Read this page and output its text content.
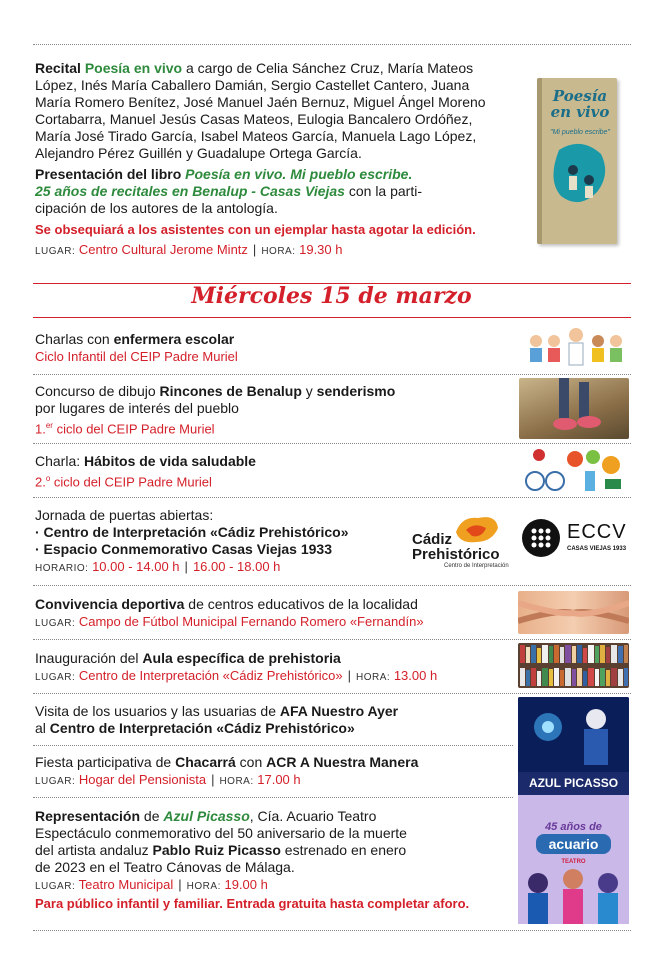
Recital Poesía en vivo a cargo de Celia Sánchez Cruz, María Mateos
López, Inés María Caballero Damián, Sergio Castellet Cantero, Juana
María Romero Benítez, José Manuel Jaén Bernuz, Miguel Ángel Moreno
Cortabarra, Manuel Jesús Casas Mateos, Eulogia Bancalero Ordóñez,
María José Tirado García, Isabel Mateos García, Manuela Lago López,
Alejandro Pérez Guillén y Guadalupe Ortega García.
Presentación del libro Poesía en vivo. Mi pueblo escribe.
25 años de recitales en Benalup - Casas Viejas con la parti-
cipación de los autores de la antología.
Se obsequiará a los asistentes con un ejemplar hasta agotar la edición.
LUGAR: Centro Cultural Jerome Mintz | HORA: 19.30 h
Poesía
en vivo
"Mi pueblo escribe"
Miércoles 15 de marzo
Charlas con enfermera escolar
Ciclo Infantil del CEIP Padre Muriel
Concurso de dibujo Rincones de Benalup y senderismo
por lugares de interés del pueblo
1.$^{er}$ ciclo del CEIP Padre Muriel
Charla: Hábitos de vida saludable
2.$^o$ ciclo del CEIP Padre Muriel
Jornada de puertas abiertas:
· Centro de Interpretación «Cádiz Prehistórico»
· Espacio Conmemorativo Casas Viejas 1933
HORARIO: 10.00 - 14.00 h | 16.00 - 18.00 h
Cádiz
Prehistórico
Centro de Interpretación
ECCV
CASAS VIEJAS 1933
Convivencia deportiva de centros educativos de la localidad
LUGAR: Campo de Fútbol Municipal Fernando Romero «Fernandín»
Inauguración del Aula específica de prehistoria
LUGAR: Centro de Interpretación «Cádiz Prehistórico» | HORA: 13.00 h
Visita de los usuarios y las usuarias de AFA Nuestro Ayer
al Centro de Interpretación «Cádiz Prehistórico»
Fiesta participativa de Chacarrá con ACR A Nuestra Manera
LUGAR: Hogar del Pensionista | HORA: 17.00 h
Representación de Azul Picasso, Cía. Acuario Teatro
Espectáculo conmemorativo del 50 aniversario de la muerte
del artista andaluz Pablo Ruiz Picasso estrenado en enero
de 2023 en el Teatro Cánovas de Málaga.
LUGAR: Teatro Municipal | HORA: 19.00 h
Para público infantil y familiar. Entrada gratuita hasta completar aforo.
AZUL PICASSO
45 años de
acuario
TEATRO
